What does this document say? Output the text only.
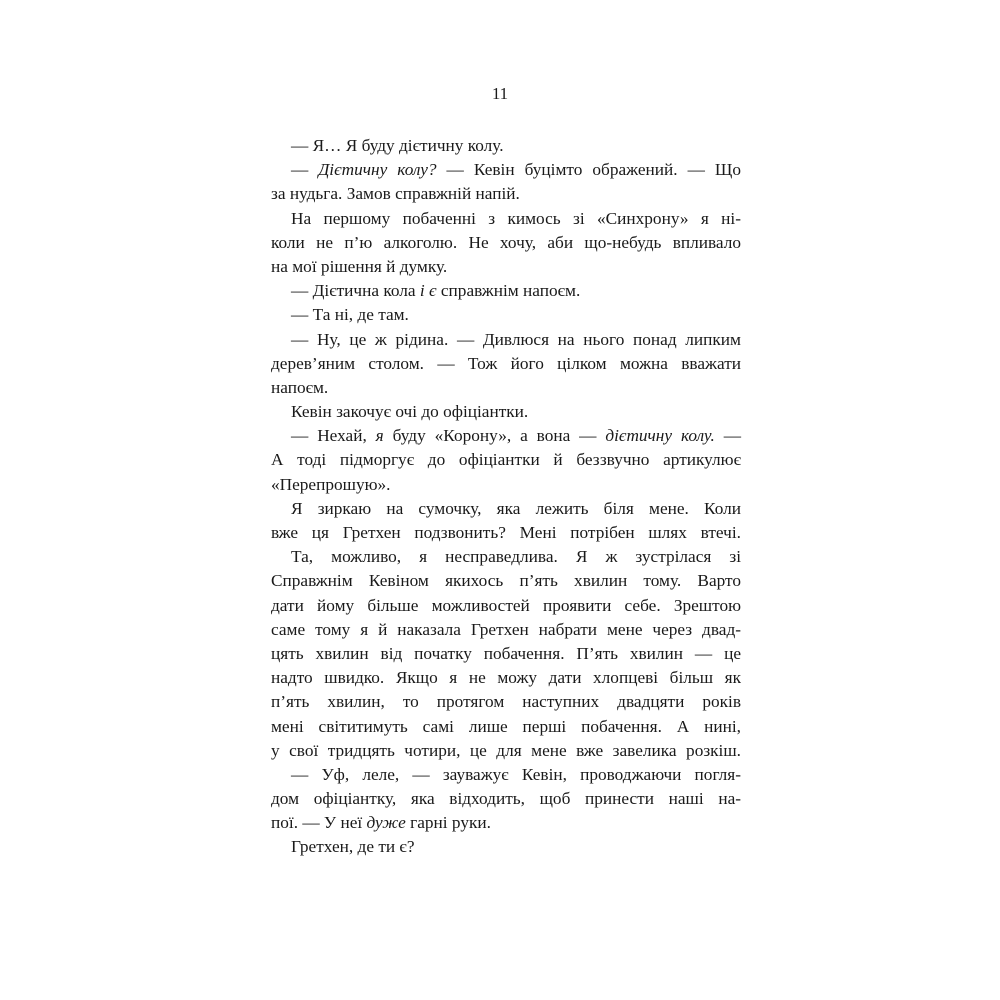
11
— Я… Я буду дієтичну колу.
— Дієтичну колу? — Кевін буцімто ображений. — Що
за нудьга. Замов справжній напій.
На першому побаченні з кимось зі «Синхрону» я ні-
коли не п’ю алкоголю. Не хочу, аби що-небудь впливало
на мої рішення й думку.
— Дієтична кола і є справжнім напоєм.
— Та ні, де там.
— Ну, це ж рідина. — Дивлюся на нього понад липким
дерев’яним столом. — Тож його цілком можна вважати
напоєм.
Кевін закочує очі до офіціантки.
— Нехай, я буду «Корону», а вона — дієтичну колу. —
А тоді підморгує до офіціантки й беззвучно артикулює
«Перепрошую».
Я зиркаю на сумочку, яка лежить біля мене. Коли
вже ця Гретхен подзвонить? Мені потрібен шлях втечі.
Та, можливо, я несправедлива. Я ж зустрілася зі
Справжнім Кевіном якихось п’ять хвилин тому. Варто
дати йому більше можливостей проявити себе. Зрештою
саме тому я й наказала Гретхен набрати мене через двад-
цять хвилин від початку побачення. П’ять хвилин — це
надто швидко. Якщо я не можу дати хлопцеві більш як
п’ять хвилин, то протягом наступних двадцяти років
мені світитимуть самі лише перші побачення. А нині,
у свої тридцять чотири, це для мене вже завелика розкіш.
— Уф, леле, — зауважує Кевін, проводжаючи погля-
дом офіціантку, яка відходить, щоб принести наші на-
пої. — У неї дуже гарні руки.
Гретхен, де ти є?
